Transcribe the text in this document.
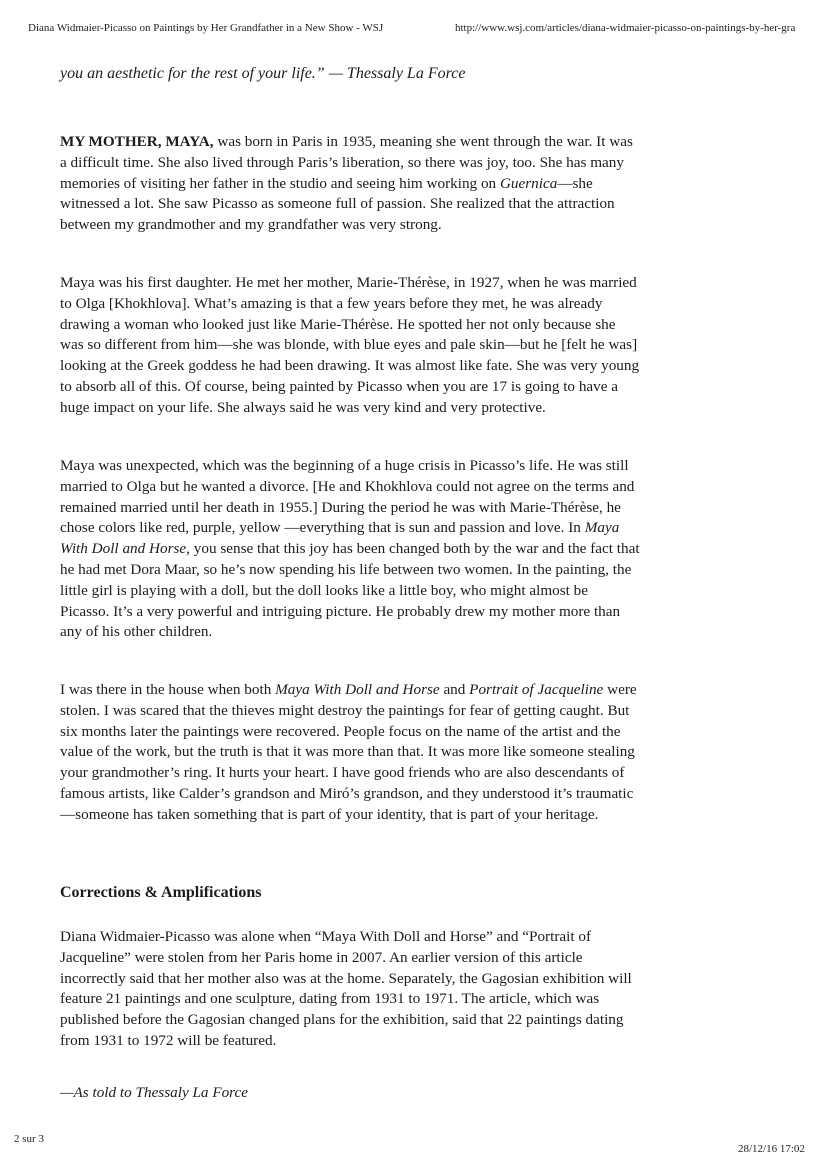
Diana Widmaier-Picasso on Paintings by Her Grandfather in a New Show - WSJ	http://www.wsj.com/articles/diana-widmaier-picasso-on-paintings-by-her-gra

you an aesthetic for the rest of your life.” — Thessaly La Force

MY MOTHER, MAYA, was born in Paris in 1935, meaning she went through the war. It was a difficult time. She also lived through Paris’s liberation, so there was joy, too. She has many memories of visiting her father in the studio and seeing him working on Guernica—she witnessed a lot. She saw Picasso as someone full of passion. She realized that the attraction between my grandmother and my grandfather was very strong.

Maya was his first daughter. He met her mother, Marie-Thérèse, in 1927, when he was married to Olga [Khokhlova]. What’s amazing is that a few years before they met, he was already drawing a woman who looked just like Marie-Thérèse. He spotted her not only because she was so different from him—she was blonde, with blue eyes and pale skin—but he [felt he was] looking at the Greek goddess he had been drawing. It was almost like fate. She was very young to absorb all of this. Of course, being painted by Picasso when you are 17 is going to have a huge impact on your life. She always said he was very kind and very protective.

Maya was unexpected, which was the beginning of a huge crisis in Picasso’s life. He was still married to Olga but he wanted a divorce. [He and Khokhlova could not agree on the terms and remained married until her death in 1955.] During the period he was with Marie-Thérèse, he chose colors like red, purple, yellow —everything that is sun and passion and love. In Maya With Doll and Horse, you sense that this joy has been changed both by the war and the fact that he had met Dora Maar, so he’s now spending his life between two women. In the painting, the little girl is playing with a doll, but the doll looks like a little boy, who might almost be Picasso. It’s a very powerful and intriguing picture. He probably drew my mother more than any of his other children.

I was there in the house when both Maya With Doll and Horse and Portrait of Jacqueline were stolen. I was scared that the thieves might destroy the paintings for fear of getting caught. But six months later the paintings were recovered. People focus on the name of the artist and the value of the work, but the truth is that it was more than that. It was more like someone stealing your grandmother’s ring. It hurts your heart. I have good friends who are also descendants of famous artists, like Calder’s grandson and Miró’s grandson, and they understood it’s traumatic—someone has taken something that is part of your identity, that is part of your heritage.

Corrections & Amplifications

Diana Widmaier-Picasso was alone when “Maya With Doll and Horse” and “Portrait of Jacqueline” were stolen from her Paris home in 2007. An earlier version of this article incorrectly said that her mother also was at the home. Separately, the Gagosian exhibition will feature 21 paintings and one sculpture, dating from 1931 to 1971. The article, which was published before the Gagosian changed plans for the exhibition, said that 22 paintings dating from 1931 to 1972 will be featured.

—As told to Thessaly La Force

2 sur 3
28/12/16 17:02
